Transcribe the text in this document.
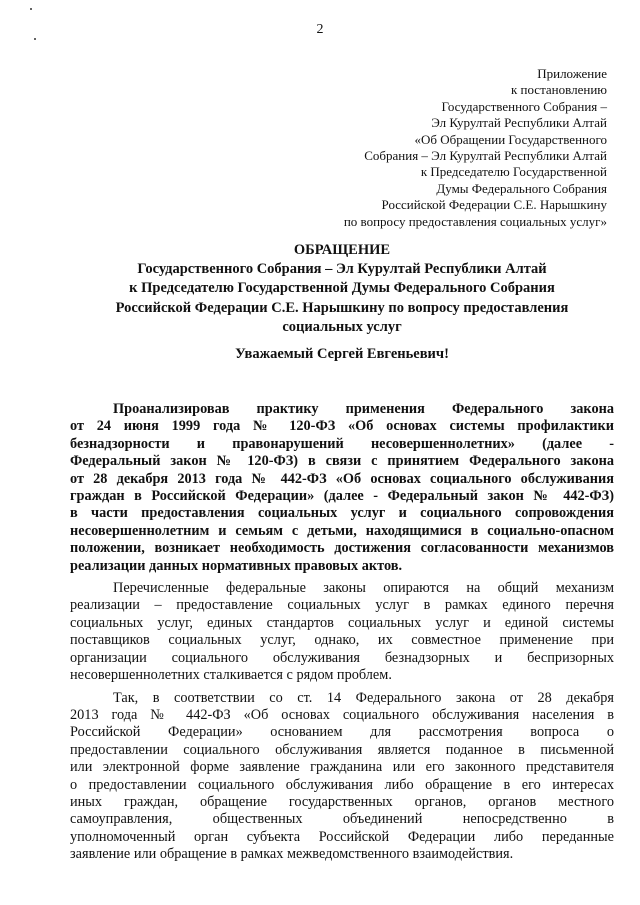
2
Приложение
к постановлению
Государственного Собрания –
Эл Курултай Республики Алтай
«Об Обращении Государственного
Собрания – Эл Курултай Республики Алтай
к Председателю Государственной
Думы Федерального Собрания
Российской Федерации С.Е. Нарышкину
по вопросу предоставления социальных услуг»
ОБРАЩЕНИЕ
Государственного Собрания – Эл Курултай Республики Алтай
к Председателю Государственной Думы Федерального Собрания
Российской Федерации С.Е. Нарышкину по вопросу предоставления
социальных услуг
Уважаемый Сергей Евгеньевич!
Проанализировав практику применения Федерального закона
от 24 июня 1999 года № 120-ФЗ «Об основах системы профилактики
безнадзорности и правонарушений несовершеннолетних» (далее -
Федеральный закон № 120-ФЗ) в связи с принятием Федерального закона
от 28 декабря 2013 года № 442-ФЗ «Об основах социального обслуживания
граждан в Российской Федерации» (далее - Федеральный закон № 442-ФЗ)
в части предоставления социальных услуг и социального сопровождения
несовершеннолетним и семьям с детьми, находящимися в социально-опасном
положении, возникает необходимость достижения согласованности механизмов
реализации данных нормативных правовых актов.
Перечисленные федеральные законы опираются на общий механизм
реализации – предоставление социальных услуг в рамках единого перечня
социальных услуг, единых стандартов социальных услуг и единой системы
поставщиков социальных услуг, однако, их совместное применение при
организации социального обслуживания безнадзорных и беспризорных
несовершеннолетних сталкивается с рядом проблем.
Так, в соответствии со ст. 14 Федерального закона от 28 декабря
2013 года № 442-ФЗ «Об основах социального обслуживания населения в
Российской Федерации» основанием для рассмотрения вопроса о
предоставлении социального обслуживания является поданное в письменной
или электронной форме заявление гражданина или его законного представителя
о предоставлении социального обслуживания либо обращение в его интересах
иных граждан, обращение государственных органов, органов местного
самоуправления, общественных объединений непосредственно в
уполномоченный орган субъекта Российской Федерации либо переданные
заявление или обращение в рамках межведомственного взаимодействия.
